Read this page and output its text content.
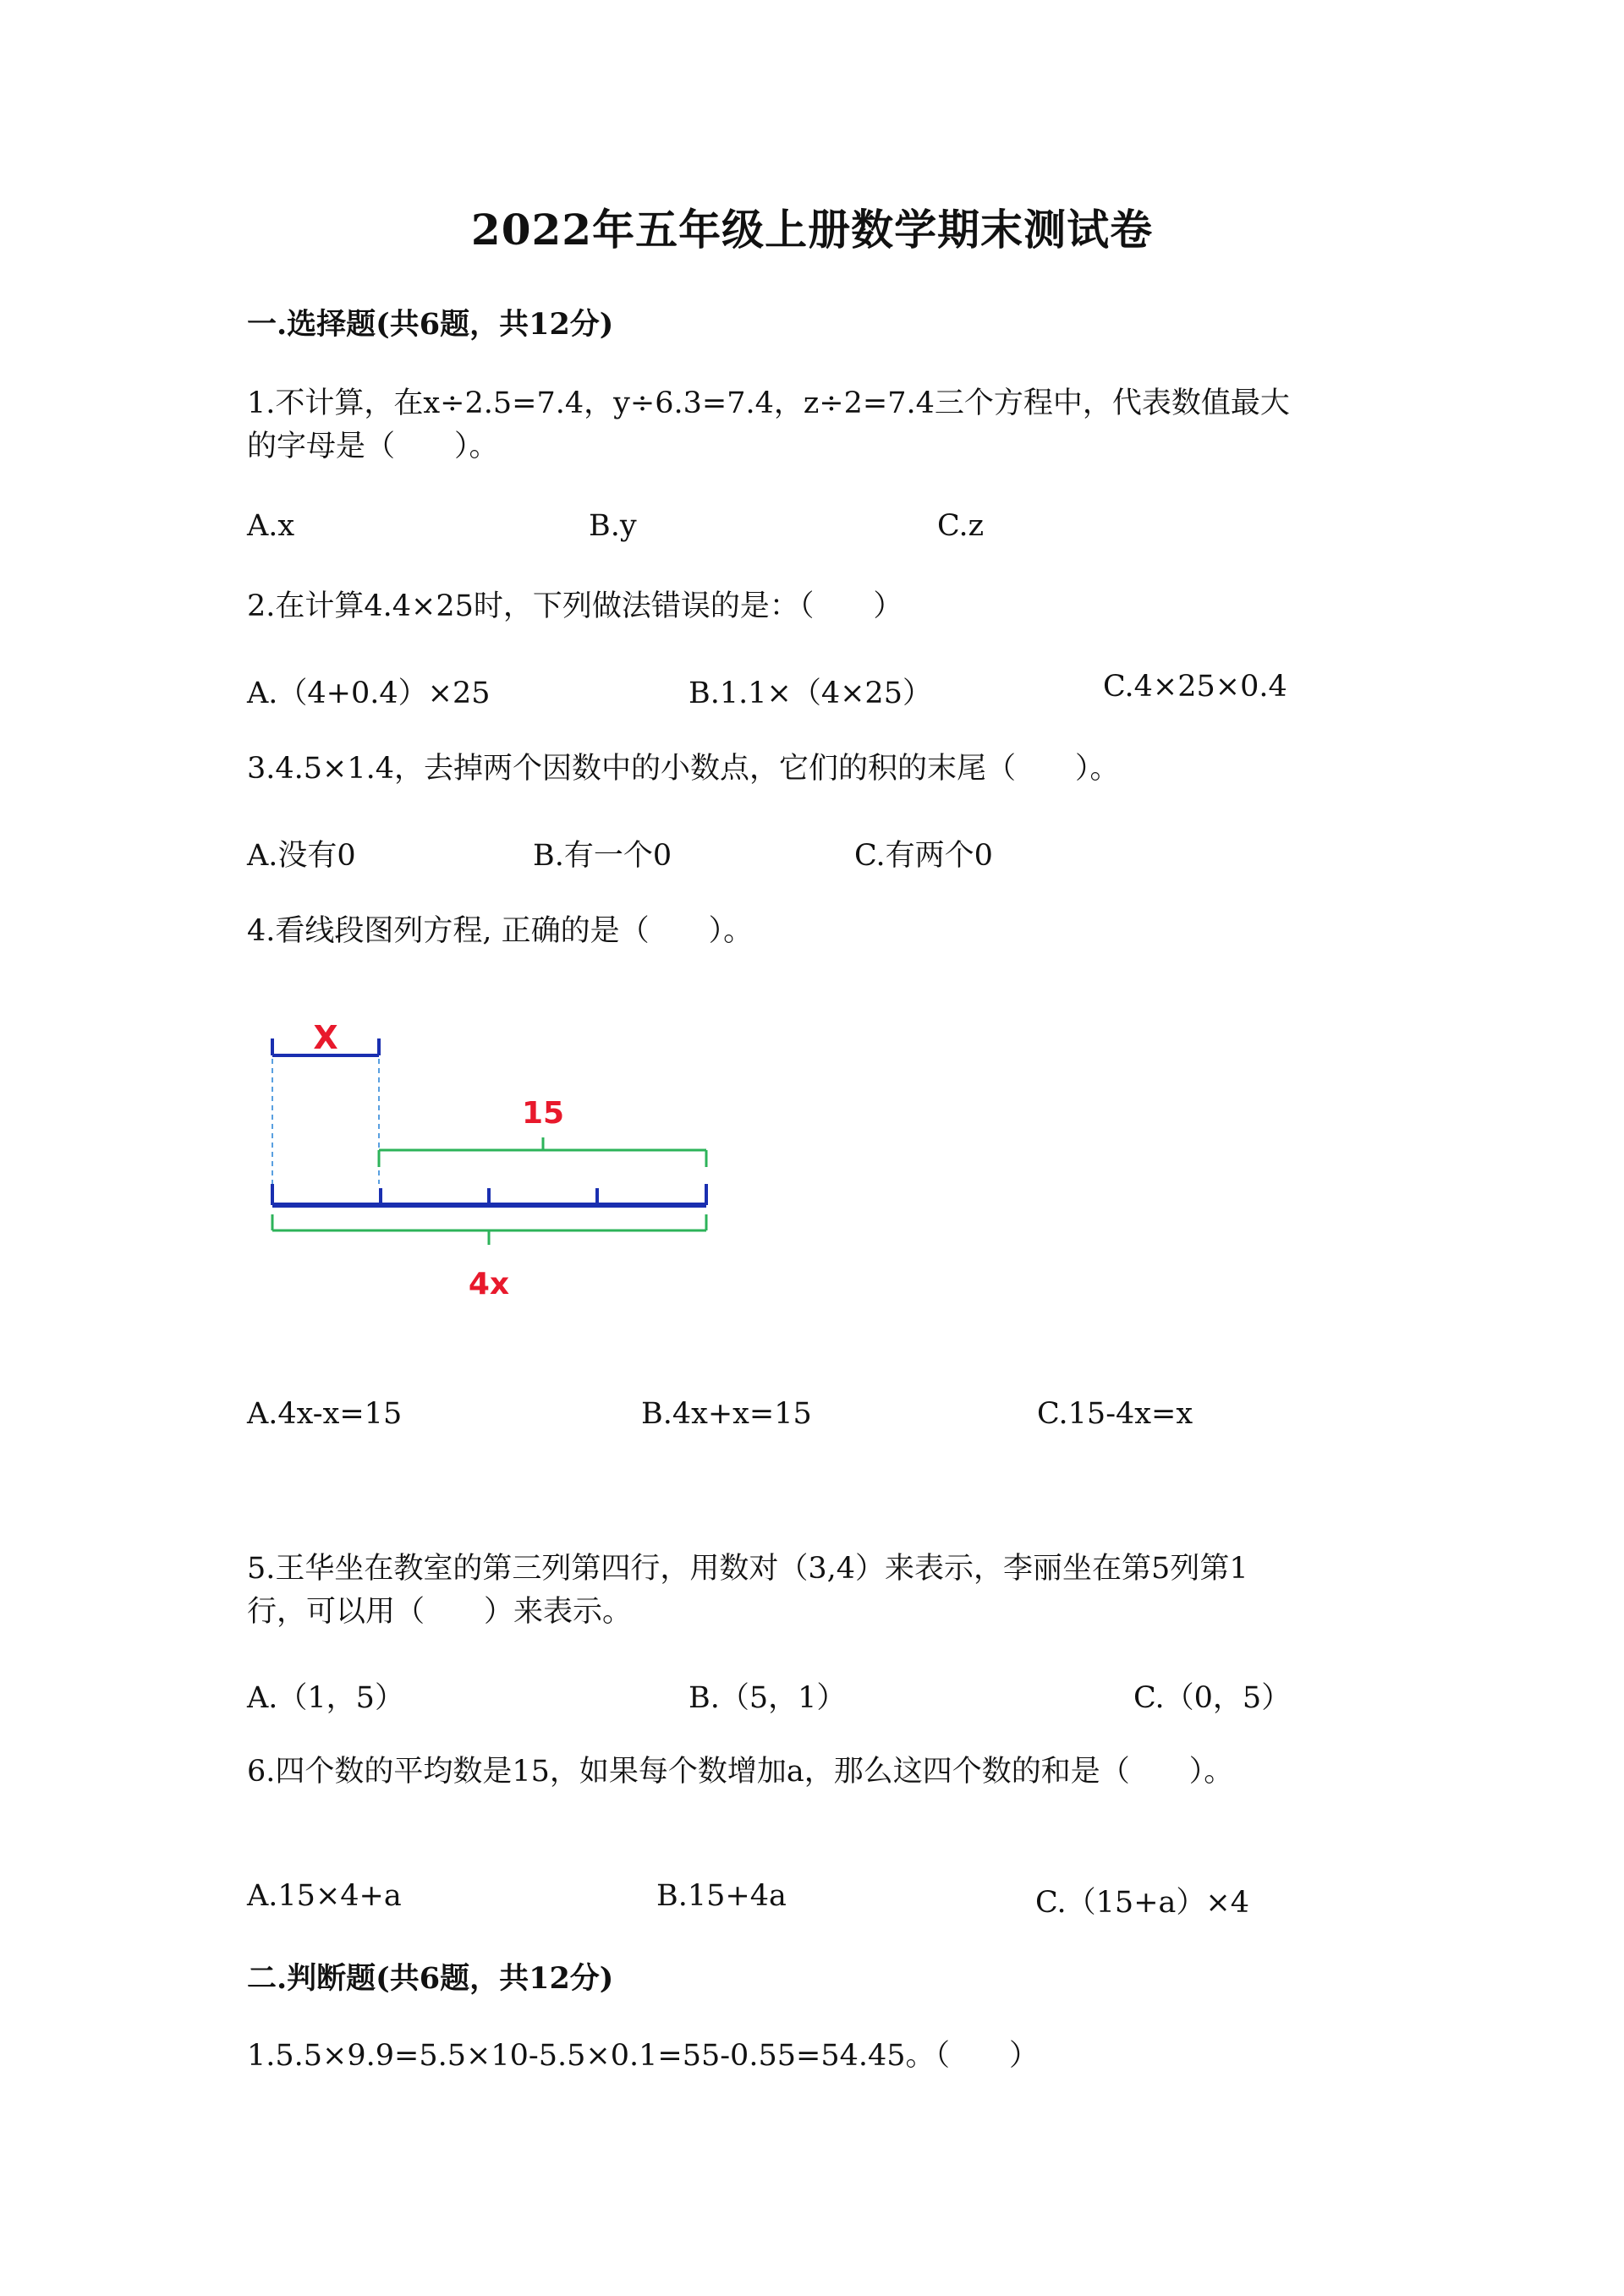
2022年五年级上册数学期末测试卷
一.选择题(共6题，共12分)
1.不计算，在x÷2.5=7.4，y÷6.3=7.4，z÷2=7.4三个方程中，代表数值最大
的字母是（　　）。
A.x	B.y	C.z
2.在计算4.4×25时，下列做法错误的是：（　　）
A.（4+0.4）×25	B.1.1×（4×25）	C.4×25×0.4
3.4.5×1.4，去掉两个因数中的小数点，它们的积的末尾（　　）。
A.没有0	B.有一个0	C.有两个0
4.看线段图列方程, 正确的是（　　）。
X
15
4x
A.4x-x=15	B.4x+x=15	C.15-4x=x
5.王华坐在教室的第三列第四行，用数对（3,4）来表示，李丽坐在第5列第1
行，可以用（　　）来表示。
A.（1，5）	B.（5，1）	C.（0，5）
6.四个数的平均数是15，如果每个数增加a，那么这四个数的和是（　　）。
A.15×4+a	B.15+4a	C.（15+a）×4
二.判断题(共6题，共12分)
1.5.5×9.9=5.5×10-5.5×0.1=55-0.55=54.45。（　　）
